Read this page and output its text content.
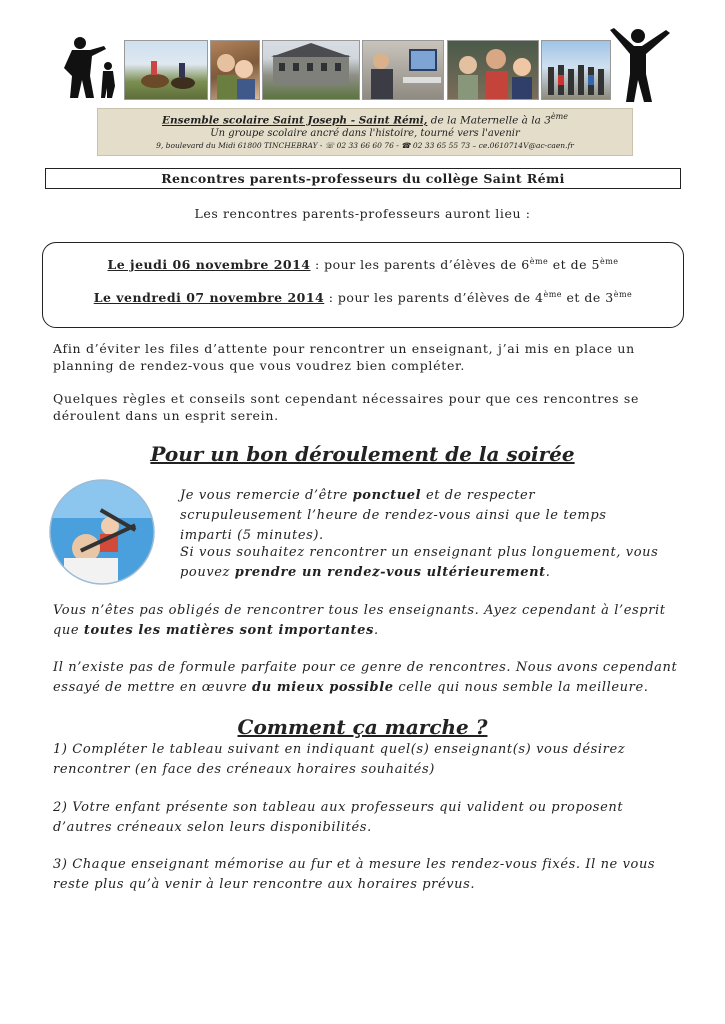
Ensemble scolaire Saint Joseph - Saint Rémi, de la Maternelle à la 3ème
Un groupe scolaire ancré dans l'histoire, tourné vers l'avenir
9, boulevard du Midi 61800 TINCHEBRAY - ☏ 02 33 66 60 76 - ☎ 02 33 65 55 73 – ce.0610714V@ac-caen.fr
Rencontres parents-professeurs du collège Saint Rémi
Les rencontres parents-professeurs auront lieu :
Le jeudi 06 novembre 2014 : pour les parents d’élèves de 6ème et de 5ème
Le vendredi 07 novembre 2014 : pour les parents d’élèves de 4ème et de 3ème
Afin d’éviter les files d’attente pour rencontrer un enseignant, j’ai mis en place un planning de rendez-vous que vous voudrez bien compléter.
Quelques règles et conseils sont cependant nécessaires pour que ces rencontres se déroulent dans un esprit serein.
Pour un bon déroulement de la soirée
Je vous remercie d’être ponctuel et de respecter scrupuleusement l’heure de rendez-vous ainsi que le temps imparti (5 minutes).
Si vous souhaitez rencontrer un enseignant plus longuement, vous pouvez prendre un rendez-vous ultérieurement.
Vous n’êtes pas obligés de rencontrer tous les enseignants. Ayez cependant à l’esprit que toutes les matières sont importantes.
Il n’existe pas de formule parfaite pour ce genre de rencontres. Nous avons cependant essayé de mettre en œuvre du mieux possible celle qui nous semble la meilleure.
Comment ça marche ?
1) Compléter le tableau suivant en indiquant quel(s) enseignant(s) vous désirez rencontrer (en face des créneaux horaires souhaités)
2) Votre enfant présente son tableau aux professeurs qui valident ou proposent d’autres créneaux selon leurs disponibilités.
3) Chaque enseignant mémorise au fur et à mesure les rendez-vous fixés. Il ne vous reste plus qu’à venir à leur rencontre aux horaires prévus.
